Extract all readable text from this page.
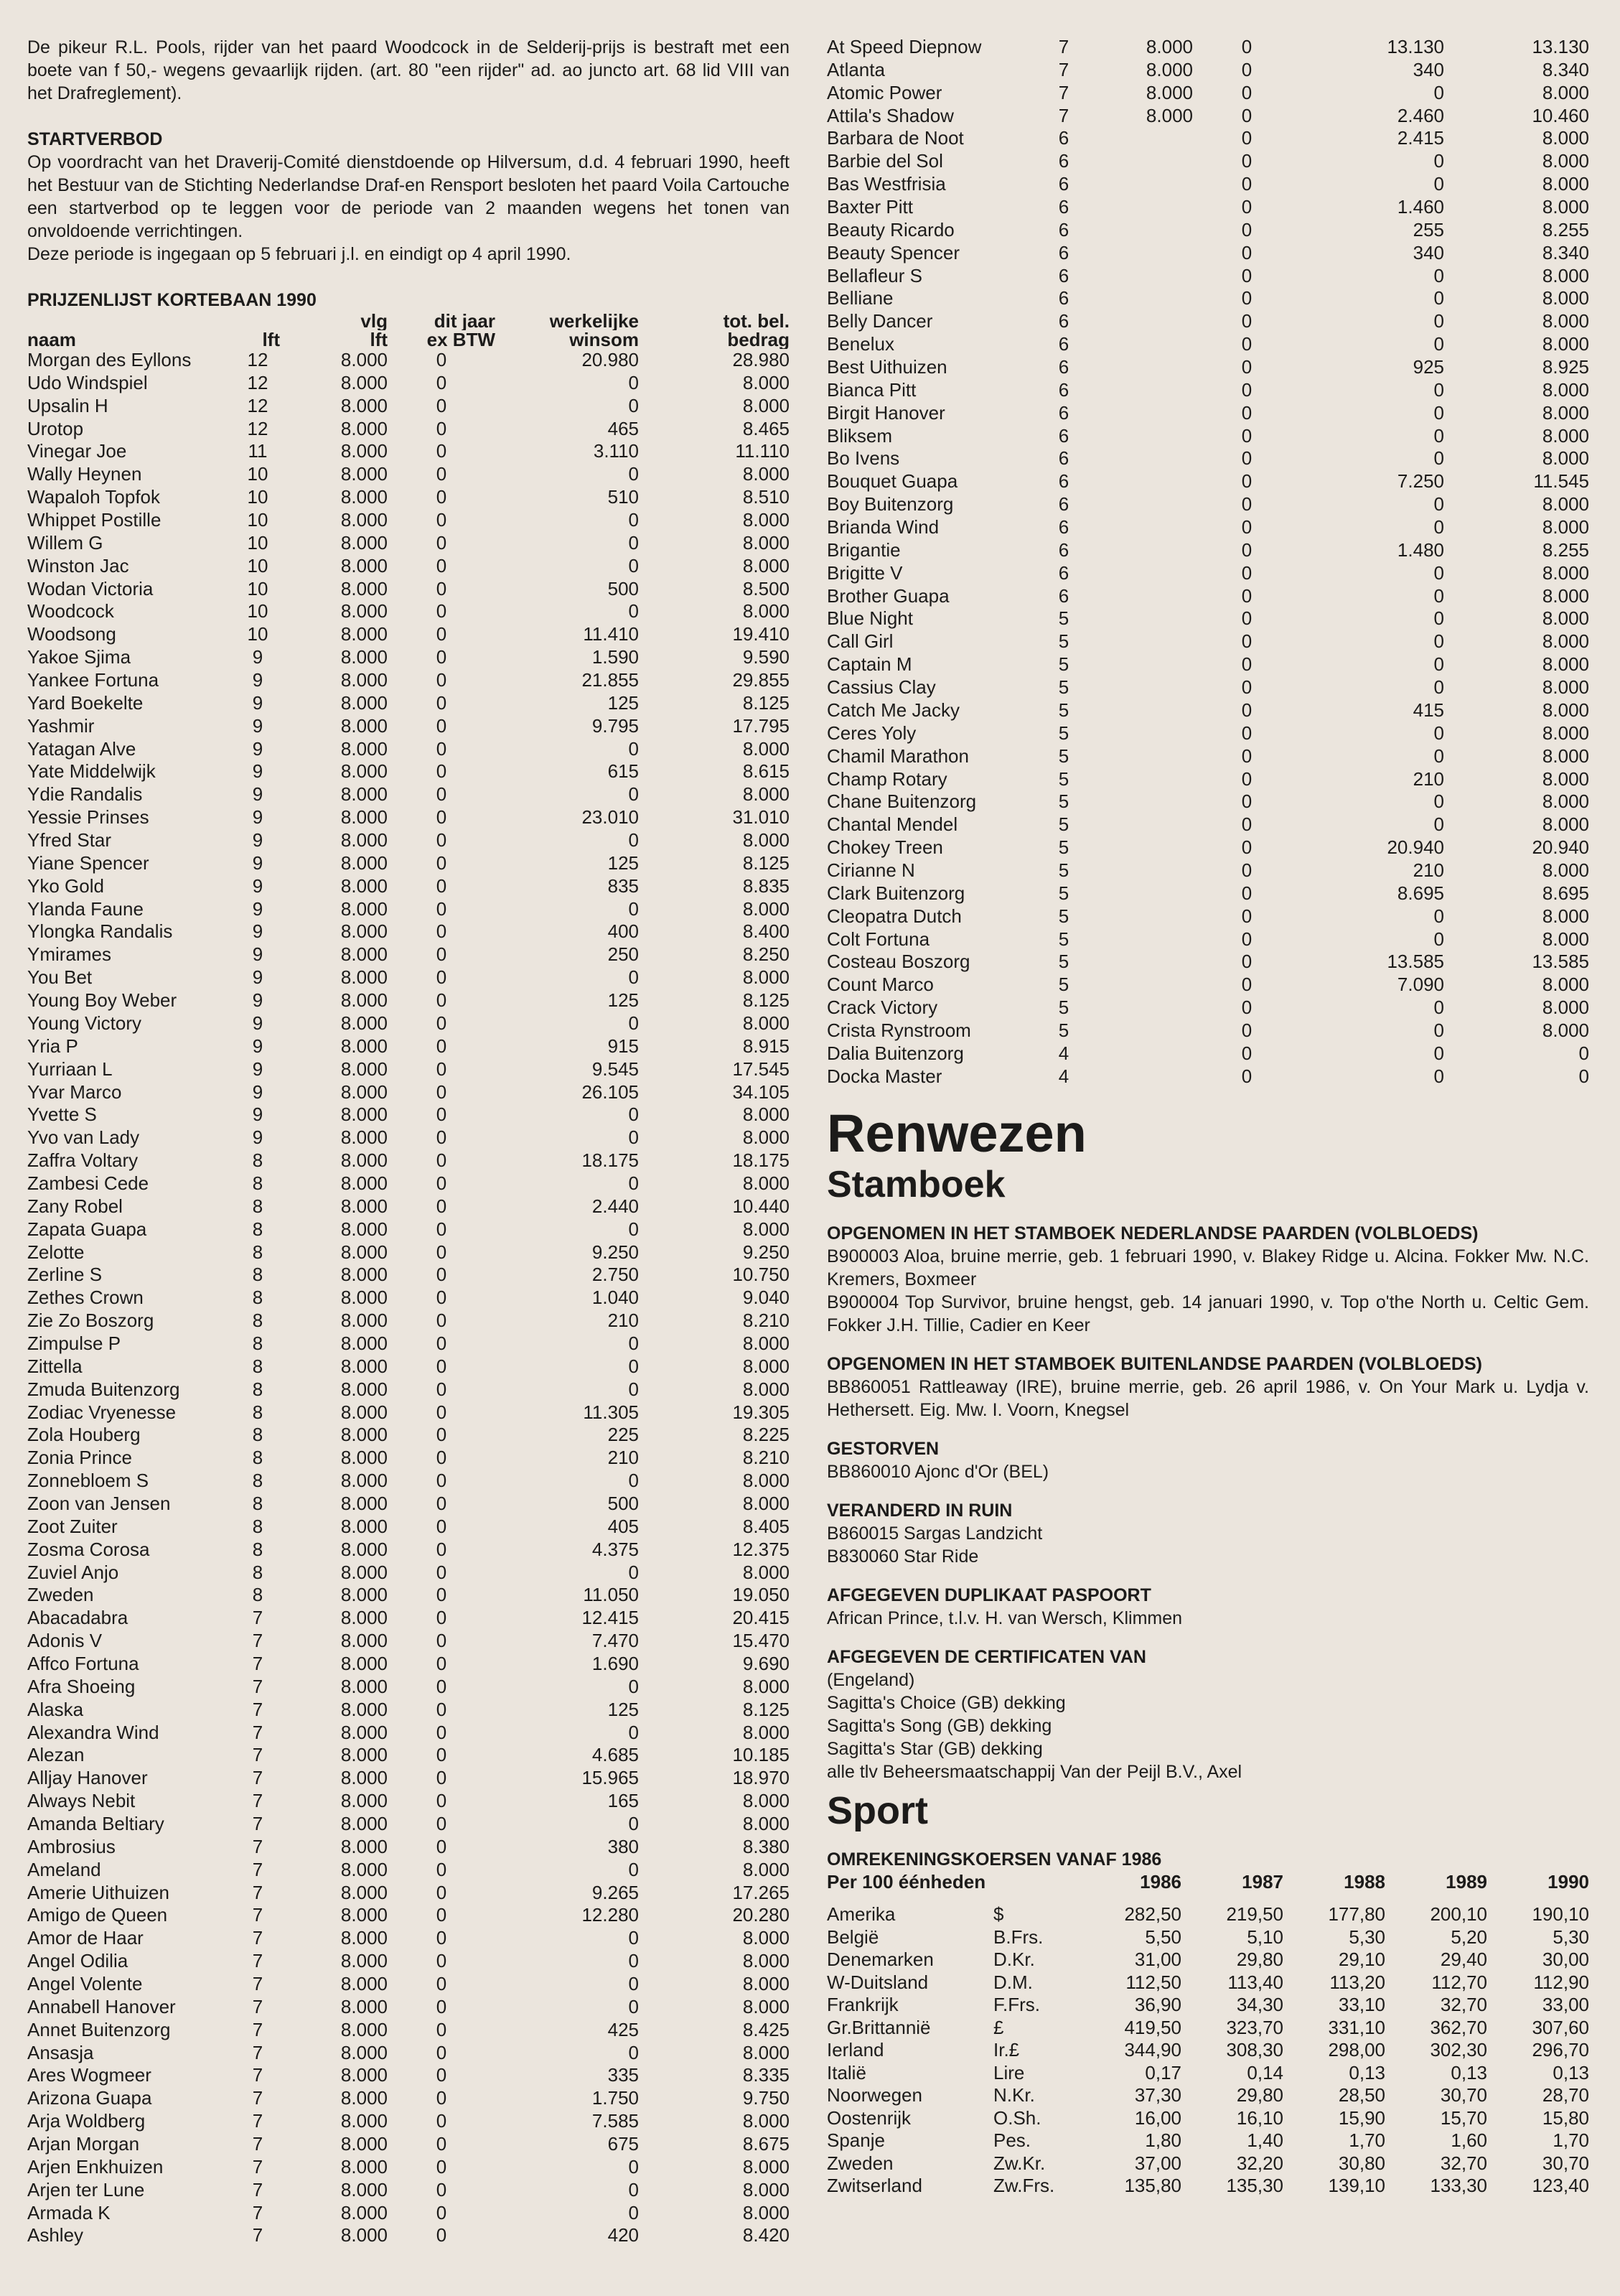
De pikeur R.L. Pools, rijder van het paard Woodcock in de Selderij-prijs is bestraft met een boete van f 50,- wegens gevaarlijk rijden. (art. 80 "een rijder" ad. ao juncto art. 68 lid VIII van het Drafreglement).

STARTVERBOD

Op voordracht van het Draverij-Comité dienstdoende op Hilversum, d.d. 4 februari 1990, heeft het Bestuur van de Stichting Nederlandse Draf-en Rensport besloten het paard Voila Cartouche een startverbod op te leggen voor de periode van 2 maanden wegens het tonen van onvoldoende verrichtingen.

Deze periode is ingegaan op 5 februari j.l. en eindigt op 4 april 1990.

PRIJZENLIJST KORTEBAAN 1990

		vlg	dit jaar	werkelijke	tot. bel.
naam	lft	lft	ex BTW	winsom	bedrag
Morgan des Eyllons	12	8.000	0	20.980	28.980
Udo Windspiel	12	8.000	0	0	8.000
Upsalin H	12	8.000	0	0	8.000
Urotop	12	8.000	0	465	8.465
Vinegar Joe	11	8.000	0	3.110	11.110
Wally Heynen	10	8.000	0	0	8.000
Wapaloh Topfok	10	8.000	0	510	8.510
Whippet Postille	10	8.000	0	0	8.000
Willem G	10	8.000	0	0	8.000
Winston Jac	10	8.000	0	0	8.000
Wodan Victoria	10	8.000	0	500	8.500
Woodcock	10	8.000	0	0	8.000
Woodsong	10	8.000	0	11.410	19.410
Yakoe Sjima	9	8.000	0	1.590	9.590
Yankee Fortuna	9	8.000	0	21.855	29.855
Yard Boekelte	9	8.000	0	125	8.125
Yashmir	9	8.000	0	9.795	17.795
Yatagan Alve	9	8.000	0	0	8.000
Yate Middelwijk	9	8.000	0	615	8.615
Ydie Randalis	9	8.000	0	0	8.000
Yessie Prinses	9	8.000	0	23.010	31.010
Yfred Star	9	8.000	0	0	8.000
Yiane Spencer	9	8.000	0	125	8.125
Yko Gold	9	8.000	0	835	8.835
Ylanda Faune	9	8.000	0	0	8.000
Ylongka Randalis	9	8.000	0	400	8.400
Ymirames	9	8.000	0	250	8.250
You Bet	9	8.000	0	0	8.000
Young Boy Weber	9	8.000	0	125	8.125
Young Victory	9	8.000	0	0	8.000
Yria P	9	8.000	0	915	8.915
Yurriaan L	9	8.000	0	9.545	17.545
Yvar Marco	9	8.000	0	26.105	34.105
Yvette S	9	8.000	0	0	8.000
Yvo van Lady	9	8.000	0	0	8.000
Zaffra Voltary	8	8.000	0	18.175	18.175
Zambesi Cede	8	8.000	0	0	8.000
Zany Robel	8	8.000	0	2.440	10.440
Zapata Guapa	8	8.000	0	0	8.000
Zelotte	8	8.000	0	9.250	9.250
Zerline S	8	8.000	0	2.750	10.750
Zethes Crown	8	8.000	0	1.040	9.040
Zie Zo Boszorg	8	8.000	0	210	8.210
Zimpulse P	8	8.000	0	0	8.000
Zittella	8	8.000	0	0	8.000
Zmuda Buitenzorg	8	8.000	0	0	8.000
Zodiac Vryenesse	8	8.000	0	11.305	19.305
Zola Houberg	8	8.000	0	225	8.225
Zonia Prince	8	8.000	0	210	8.210
Zonnebloem S	8	8.000	0	0	8.000
Zoon van Jensen	8	8.000	0	500	8.000
Zoot Zuiter	8	8.000	0	405	8.405
Zosma Corosa	8	8.000	0	4.375	12.375
Zuviel Anjo	8	8.000	0	0	8.000
Zweden	8	8.000	0	11.050	19.050
Abacadabra	7	8.000	0	12.415	20.415
Adonis V	7	8.000	0	7.470	15.470
Affco Fortuna	7	8.000	0	1.690	9.690
Afra Shoeing	7	8.000	0	0	8.000
Alaska	7	8.000	0	125	8.125
Alexandra Wind	7	8.000	0	0	8.000
Alezan	7	8.000	0	4.685	10.185
Alljay Hanover	7	8.000	0	15.965	18.970
Always Nebit	7	8.000	0	165	8.000
Amanda Beltiary	7	8.000	0	0	8.000
Ambrosius	7	8.000	0	380	8.380
Ameland	7	8.000	0	0	8.000
Amerie Uithuizen	7	8.000	0	9.265	17.265
Amigo de Queen	7	8.000	0	12.280	20.280
Amor de Haar	7	8.000	0	0	8.000
Angel Odilia	7	8.000	0	0	8.000
Angel Volente	7	8.000	0	0	8.000
Annabell Hanover	7	8.000	0	0	8.000
Annet Buitenzorg	7	8.000	0	425	8.425
Ansasja	7	8.000	0	0	8.000
Ares Wogmeer	7	8.000	0	335	8.335
Arizona Guapa	7	8.000	0	1.750	9.750
Arja Woldberg	7	8.000	0	7.585	8.000
Arjan Morgan	7	8.000	0	675	8.675
Arjen Enkhuizen	7	8.000	0	0	8.000
Arjen ter Lune	7	8.000	0	0	8.000
Armada K	7	8.000	0	0	8.000
Ashley	7	8.000	0	420	8.420
At Speed Diepnow	7	8.000	0	13.130	13.130
Atlanta	7	8.000	0	340	8.340
Atomic Power	7	8.000	0	0	8.000
Attila's Shadow	7	8.000	0	2.460	10.460
Barbara de Noot	6		0	2.415	8.000
Barbie del Sol	6		0	0	8.000
Bas Westfrisia	6		0	0	8.000
Baxter Pitt	6		0	1.460	8.000
Beauty Ricardo	6		0	255	8.255
Beauty Spencer	6		0	340	8.340
Bellafleur S	6		0	0	8.000
Belliane	6		0	0	8.000
Belly Dancer	6		0	0	8.000
Benelux	6		0	0	8.000
Best Uithuizen	6		0	925	8.925
Bianca Pitt	6		0	0	8.000
Birgit Hanover	6		0	0	8.000
Bliksem	6		0	0	8.000
Bo Ivens	6		0	0	8.000
Bouquet Guapa	6		0	7.250	11.545
Boy Buitenzorg	6		0	0	8.000
Brianda Wind	6		0	0	8.000
Brigantie	6		0	1.480	8.255
Brigitte V	6		0	0	8.000
Brother Guapa	6		0	0	8.000
Blue Night	5		0	0	8.000
Call Girl	5		0	0	8.000
Captain M	5		0	0	8.000
Cassius Clay	5		0	0	8.000
Catch Me Jacky	5		0	415	8.000
Ceres Yoly	5		0	0	8.000
Chamil Marathon	5		0	0	8.000
Champ Rotary	5		0	210	8.000
Chane Buitenzorg	5		0	0	8.000
Chantal Mendel	5		0	0	8.000
Chokey Treen	5		0	20.940	20.940
Cirianne N	5		0	210	8.000
Clark Buitenzorg	5		0	8.695	8.695
Cleopatra Dutch	5		0	0	8.000
Colt Fortuna	5		0	0	8.000
Costeau Boszorg	5		0	13.585	13.585
Count Marco	5		0	7.090	8.000
Crack Victory	5		0	0	8.000
Crista Rynstroom	5		0	0	8.000
Dalia Buitenzorg	4		0	0	0
Docka Master	4		0	0	0
Renwezen
Stamboek

OPGENOMEN IN HET STAMBOEK NEDERLANDSE PAARDEN (VOLBLOEDS)

B900003 Aloa, bruine merrie, geb. 1 februari 1990, v. Blakey Ridge u. Alcina. Fokker Mw. N.C. Kremers, Boxmeer

B900004 Top Survivor, bruine hengst, geb. 14 januari 1990, v. Top o'the North u. Celtic Gem. Fokker J.H. Tillie, Cadier en Keer

OPGENOMEN IN HET STAMBOEK BUITENLANDSE PAARDEN (VOLBLOEDS)

BB860051 Rattleaway (IRE), bruine merrie, geb. 26 april 1986, v. On Your Mark u. Lydja v. Hethersett. Eig. Mw. I. Voorn, Knegsel

GESTORVEN

BB860010 Ajonc d'Or (BEL)

VERANDERD IN RUIN

B860015 Sargas Landzicht

B830060 Star Ride

AFGEGEVEN DUPLIKAAT PASPOORT

African Prince, t.l.v. H. van Wersch, Klimmen

AFGEGEVEN DE CERTIFICATEN VAN

(Engeland)

Sagitta's Choice (GB) dekking

Sagitta's Song (GB) dekking

Sagitta's Star (GB) dekking

alle tlv Beheersmaatschappij Van der Peijl B.V., Axel

Sport

OMREKENINGSKOERSEN VANAF 1986

Per 100 éénheden		1986	1987	1988	1989	1990

Amerika	$	282,50	219,50	177,80	200,10	190,10
België	B.Frs.	5,50	5,10	5,30	5,20	5,30
Denemarken	D.Kr.	31,00	29,80	29,10	29,40	30,00
W-Duitsland	D.M.	112,50	113,40	113,20	112,70	112,90
Frankrijk	F.Frs.	36,90	34,30	33,10	32,70	33,00
Gr.Brittannië	£	419,50	323,70	331,10	362,70	307,60
Ierland	Ir.£	344,90	308,30	298,00	302,30	296,70
Italië	Lire	0,17	0,14	0,13	0,13	0,13
Noorwegen	N.Kr.	37,30	29,80	28,50	30,70	28,70
Oostenrijk	O.Sh.	16,00	16,10	15,90	15,70	15,80
Spanje	Pes.	1,80	1,40	1,70	1,60	1,70
Zweden	Zw.Kr.	37,00	32,20	30,80	32,70	30,70
Zwitserland	Zw.Frs.	135,80	135,30	139,10	133,30	123,40
